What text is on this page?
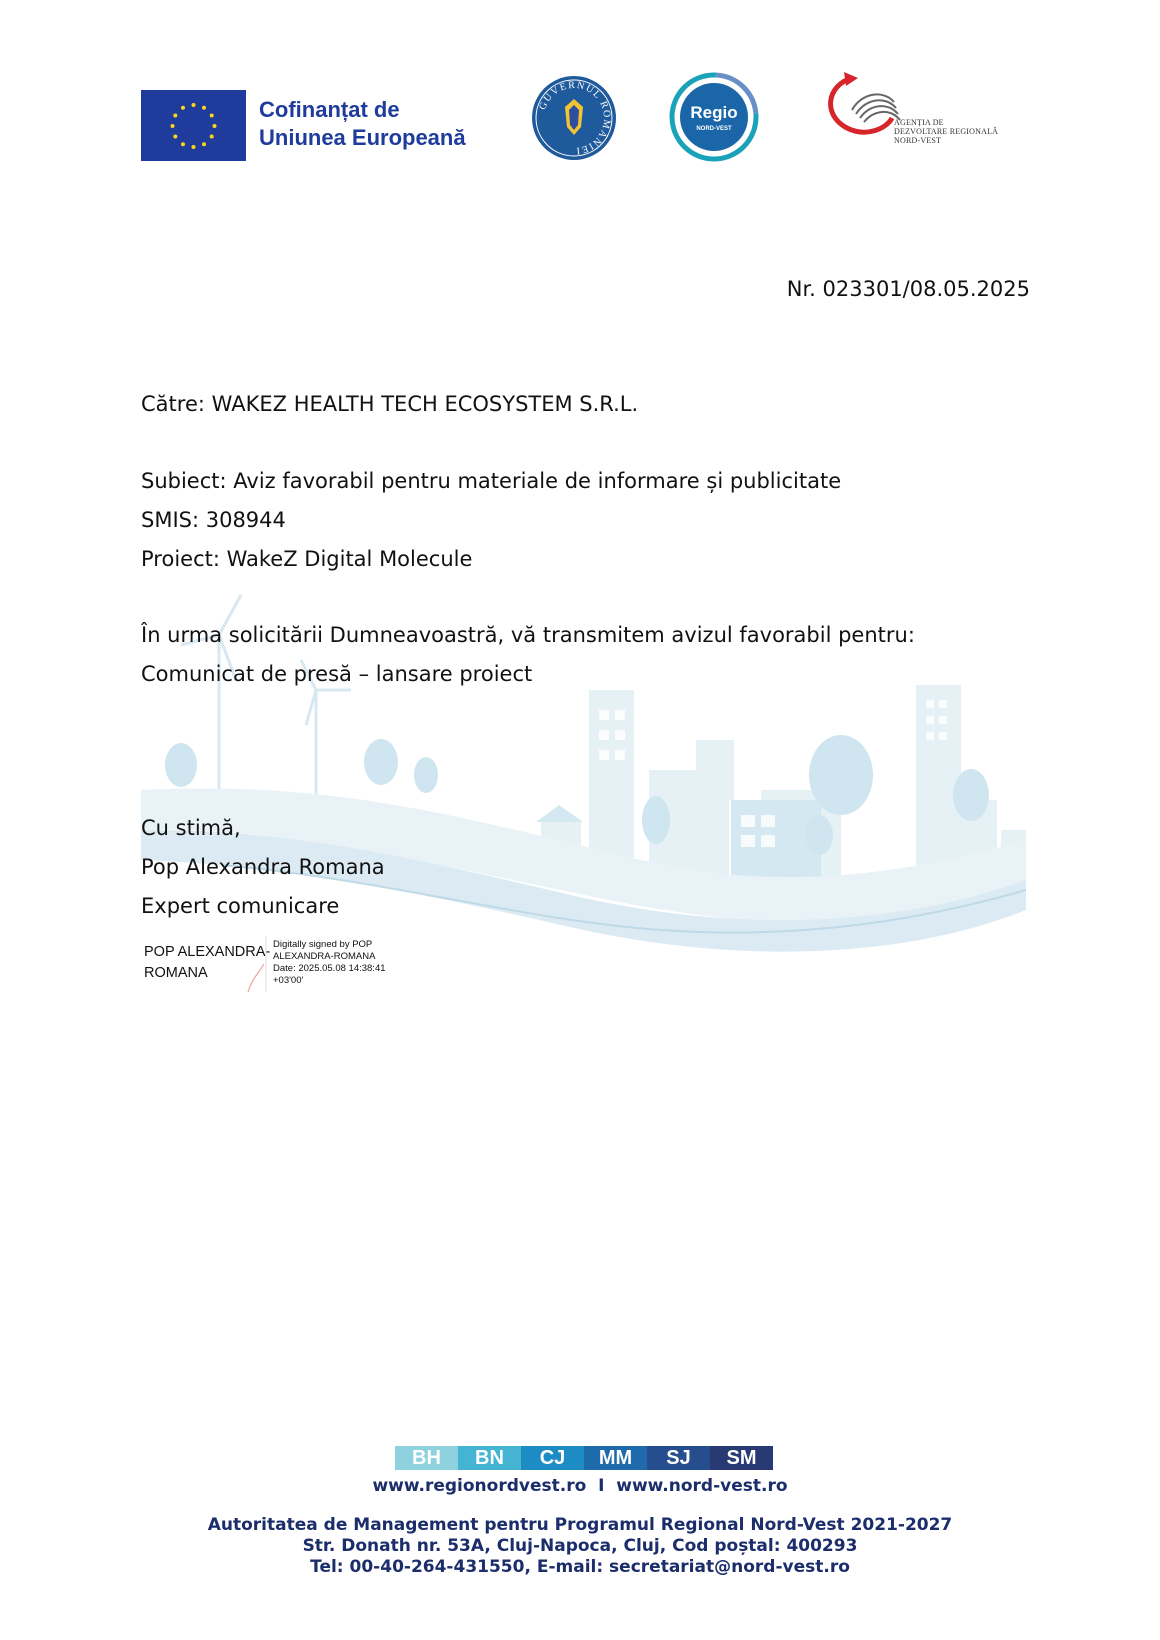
Cofinanțat de
Uniunea Europeană
GUVERNUL ROMÂNIEI
Regio
NORD-VEST
AGENȚIA DE
DEZVOLTARE REGIONALĂ
NORD-VEST
Nr. 023301/08.05.2025
Către: WAKEZ HEALTH TECH ECOSYSTEM S.R.L.
Subiect: Aviz favorabil pentru materiale de informare și publicitate
SMIS: 308944
Proiect: WakeZ Digital Molecule
În urma solicitării Dumneavoastră, vă transmitem avizul favorabil pentru:
Comunicat de presă – lansare proiect
Cu stimă,
Pop Alexandra Romana
Expert comunicare
POP ALEXANDRA-
ROMANA
Digitally signed by POP
ALEXANDRA-ROMANA
Date: 2025.05.08 14:38:41
+03'00'
BH	BN	CJ	MM	SJ	SM
www.regionordvest.ro  I  www.nord-vest.ro
Autoritatea de Management pentru Programul Regional Nord-Vest 2021-2027
Str. Donath nr. 53A, Cluj-Napoca, Cluj, Cod poștal: 400293
Tel: 00-40-264-431550, E-mail: secretariat@nord-vest.ro
